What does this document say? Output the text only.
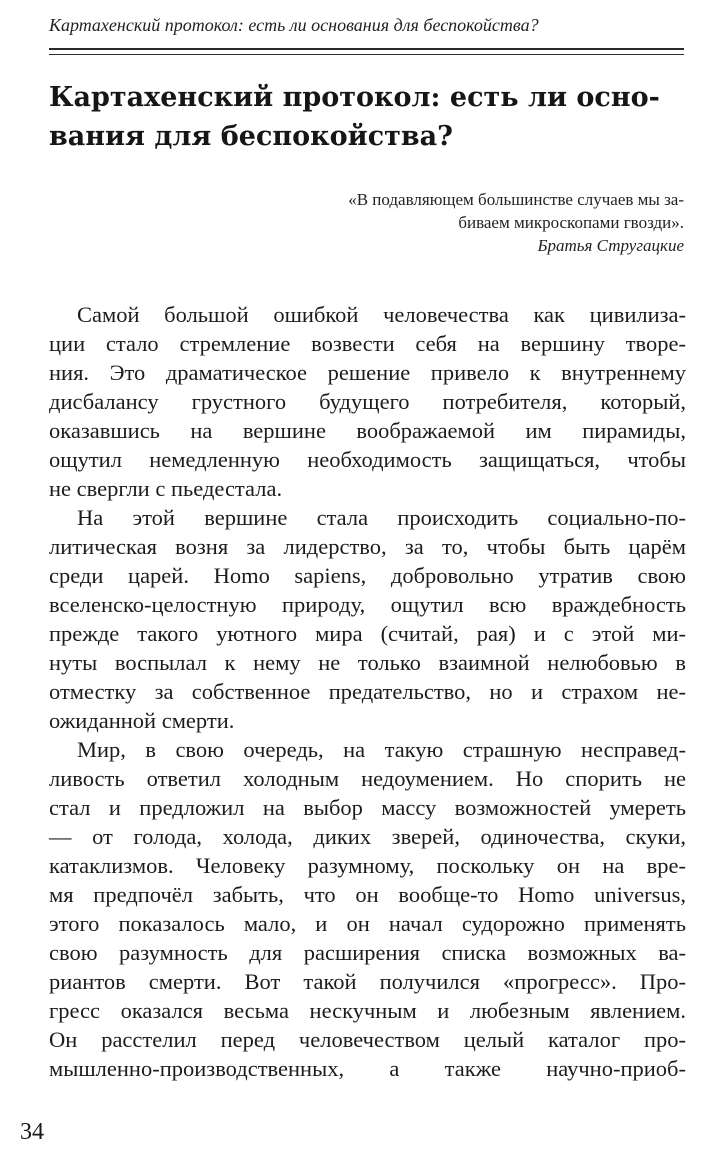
Картахенский протокол: есть ли основания для беспокойства?
Картахенский протокол: есть ли осно-
вания для беспокойства?
«В подавляющем большинстве случаев мы за-
биваем микроскопами гвозди».
Братья Стругацкие
Самой большой ошибкой человечества как цивилиза-
ции стало стремление возвести себя на вершину творе-
ния. Это драматическое решение привело к внутреннему
дисбалансу грустного будущего потребителя, который,
оказавшись на вершине воображаемой им пирамиды,
ощутил немедленную необходимость защищаться, чтобы
не свергли с пьедестала.
На этой вершине стала происходить социально-по-
литическая возня за лидерство, за то, чтобы быть царём
среди царей. Homo sapiens, добровольно утратив свою
вселенско-целостную природу, ощутил всю враждебность
прежде такого уютного мира (считай, рая) и с этой ми-
нуты воспылал к нему не только взаимной нелюбовью в
отместку за собственное предательство, но и страхом не-
ожиданной смерти.
Мир, в свою очередь, на такую страшную несправед-
ливость ответил холодным недоумением. Но спорить не
стал и предложил на выбор массу возможностей умереть
— от голода, холода, диких зверей, одиночества, скуки,
катаклизмов. Человеку разумному, поскольку он на вре-
мя предпочёл забыть, что он вообще-то Homo universus,
этого показалось мало, и он начал судорожно применять
свою разумность для расширения списка возможных ва-
риантов смерти. Вот такой получился «прогресс». Про-
гресс оказался весьма нескучным и любезным явлением.
Он расстелил перед человечеством целый каталог про-
мышленно-производственных, а также научно-приоб-
34
